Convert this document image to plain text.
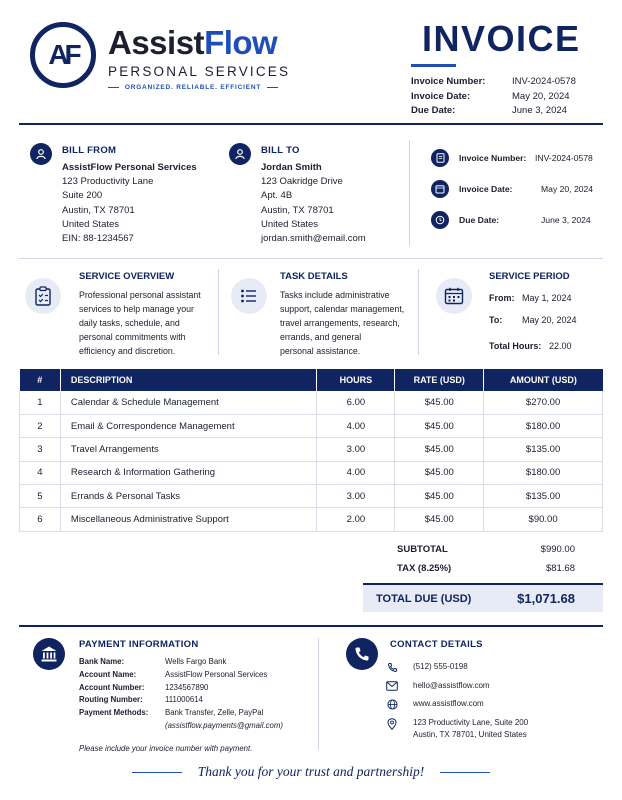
AF AssistFlow
PERSONAL SERVICES
ORGANIZED. RELIABLE. EFFICIENT
INVOICE
Invoice Number:	INV-2024-0578
Invoice Date:	May 20, 2024
Due Date:	June 3, 2024
BILL FROM
AssistFlow Personal Services
123 Productivity Lane
Suite 200
Austin, TX 78701
United States
EIN: 88-1234567
BILL TO
Jordan Smith
123 Oakridge Drive
Apt. 4B
Austin, TX 78701
United States
jordan.smith@email.com
Invoice Number:	INV-2024-0578
Invoice Date:	May 20, 2024
Due Date:	June 3, 2024
SERVICE OVERVIEW
Professional personal assistant
services to help manage your
daily tasks, schedule, and
personal commitments with
efficiency and discretion.
TASK DETAILS
Tasks include administrative
support, calendar management,
travel arrangements, research,
errands, and general
personal assistance.
SERVICE PERIOD
From: May 1, 2024
To:	May 20, 2024
Total Hours: 22.00
#	DESCRIPTION	HOURS	RATE (USD)	AMOUNT (USD)
1	Calendar & Schedule Management	6.00	$45.00	$270.00
2	Email & Correspondence Management	4.00	$45.00	$180.00
3	Travel Arrangements	3.00	$45.00	$135.00
4	Research & Information Gathering	4.00	$45.00	$180.00
5	Errands & Personal Tasks	3.00	$45.00	$135.00
6	Miscellaneous Administrative Support	2.00	$45.00	$90.00
SUBTOTAL	$990.00
TAX (8.25%)	$81.68
TOTAL DUE (USD)	$1,071.68
PAYMENT INFORMATION
Bank Name:	Wells Fargo Bank
Account Name:	AssistFlow Personal Services
Account Number:	1234567890
Routing Number:	111000614
Payment Methods:	Bank Transfer, Zelle, PayPal
(assistflow.payments@gmail.com)
Please include your invoice number with payment.
CONTACT DETAILS
(512) 555-0198
hello@assistflow.com
www.assistflow.com
123 Productivity Lane, Suite 200
Austin, TX 78701, United States
Thank you for your trust and partnership!
